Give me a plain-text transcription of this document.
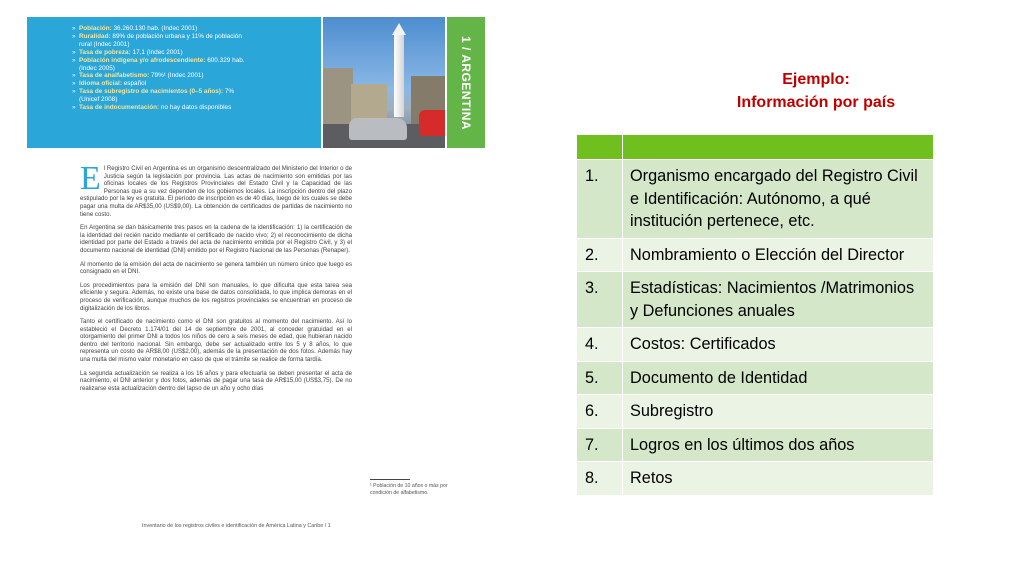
» Población: 36.260.130 hab. (Indec 2001)
» Ruralidad: 89% de población urbana y 11% de población
rural (Indec 2001)
» Tasa de pobreza: 17,1 (Indec 2001)
» Población indígena y/o afrodescendiente: 600.329 hab.
(Indec 2005)
» Tasa de analfabetismo: 79%¹ (Indec 2001)
» Idioma oficial: español
» Tasa de subregistro de nacimientos (0–5 años): 7%
(Unicef 2008)
» Tasa de indocumentación: no hay datos disponibles	1 / ARGENTINA

El Registro Civil en Argentina es un organismo descentralizado del Ministerio del Interior o de Justicia según la legislación por provincia. Las actas de nacimiento son emitidas por las oficinas locales de los Registros Provinciales del Estado Civil y la Capacidad de las Personas que a su vez dependen de los gobiernos locales. La inscripción dentro del plazo estipulado por la ley es gratuita. El período de inscripción es de 40 días, luego de los cuales se debe pagar una multa de AR$35,00 (US$9,00). La obtención de certificados de partidas de nacimiento no tiene costo.

En Argentina se dan básicamente tres pasos en la cadena de la identificación: 1) la certificación de la identidad del recién nacido mediante el certificado de nacido vivo; 2) el reconocimiento de dicha identidad por parte del Estado a través del acta de nacimiento emitida por el Registro Civil, y 3) el documento nacional de identidad (DNI) emitido por el Registro Nacional de las Personas (Renaper).

Al momento de la emisión del acta de nacimiento se genera también un número único que luego es consignado en el DNI.

Los procedimientos para la emisión del DNI son manuales, lo que dificulta que esta tarea sea eficiente y segura. Además, no existe una base de datos consolidada, lo que implica demoras en el proceso de verificación, aunque muchos de los registros provinciales se encuentran en proceso de digitalización de los libros.

Tanto el certificado de nacimiento como el DNI son gratuitos al momento del nacimiento. Así lo estableció el Decreto 1.174/01 del 14 de septiembre de 2001, al conceder gratuidad en el otorgamiento del primer DNI a todos los niños de cero a seis meses de edad, que hubieran nacido dentro del territorio nacional. Sin embargo, debe ser actualizado entre los 5 y 8 años, lo que representa un costo de AR$8,00 (US$2,00), además de la presentación de dos fotos. Además hay una multa del mismo valor monetario en caso de que el trámite se realice de forma tardía.

La segunda actualización se realiza a los 16 años y para efectuarla se deben presentar el acta de nacimiento, el DNI anterior y dos fotos, además de pagar una tasa de AR$15,00 (US$3,75). De no realizarse esta actualización dentro del lapso de un año y ocho días

¹ Población de 10 años o más por condición de alfabetismo.
Inventario de los registros civiles e identificación de América Latina y Caribe / 1
Ejemplo:
Información por país

1.	Organismo encargado del Registro Civil e Identificación: Autónomo, a qué institución pertenece, etc.
2.	Nombramiento o Elección del Director
3.	Estadísticas: Nacimientos /Matrimonios y Defunciones anuales
4.	Costos: Certificados
5.	Documento de Identidad
6.	Subregistro
7.	Logros en los últimos dos años
8.	Retos
